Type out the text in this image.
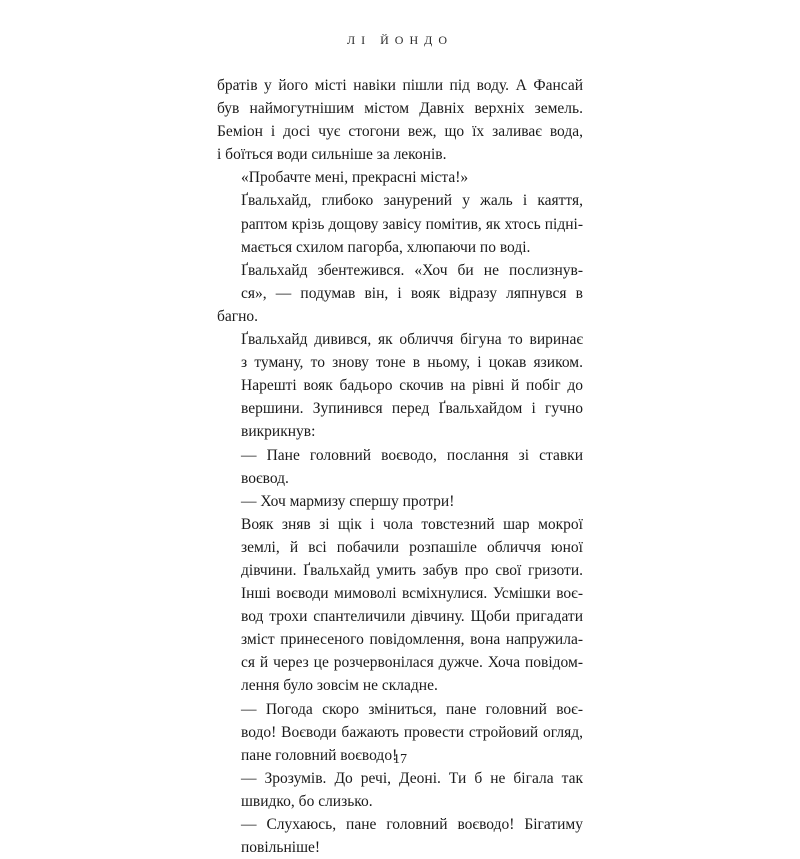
ЛІ ЙОНДО

братів у його місті навіки пішли під воду. А Фансай
був наймогутнішим містом Давніх верхніх земель.
Беміон і досі чує стогони веж, що їх заливає вода,
і боїться води сильніше за леконів.

«Пробачте мені, прекрасні міста!»

Ґвальхайд, глибоко занурений у жаль і каяття,
раптом крізь дощову завісу помітив, як хтось підні-
мається схилом пагорба, хлюпаючи по воді.

Ґвальхайд збентежився. «Хоч би не послизнув-
ся», — подумав він, і вояк відразу ляпнувся в багно.
Ґвальхайд дивився, як обличчя бігуна то виринає
з туману, то знову тоне в ньому, і цокав язиком.
Нарешті вояк бадьоро скочив на рівні й побіг до
вершини. Зупинився перед Ґвальхайдом і гучно
викрикнув:

— Пане головний воєводо, послання зі ставки
воєвод.

— Хоч мармизу спершу протри!

Вояк зняв зі щік і чола товстезний шар мокрої
землі, й всі побачили розпашіле обличчя юної
дівчини. Ґвальхайд умить забув про свої гризоти.
Інші воєводи мимоволі всміхнулися. Усмішки воє-
вод трохи спантеличили дівчину. Щоби пригадати
зміст принесеного повідомлення, вона напружила-
ся й через це розчервонілася дужче. Хоча повідом-
лення було зовсім не складне.

— Погода скоро зміниться, пане головний воє-
водо! Воєводи бажають провести стройовий огляд,
пане головний воєводо!

— Зрозумів. До речі, Деоні. Ти б не бігала так
швидко, бо слизько.

— Слухаюсь, пане головний воєводо! Бігатиму
повільніше!

17
